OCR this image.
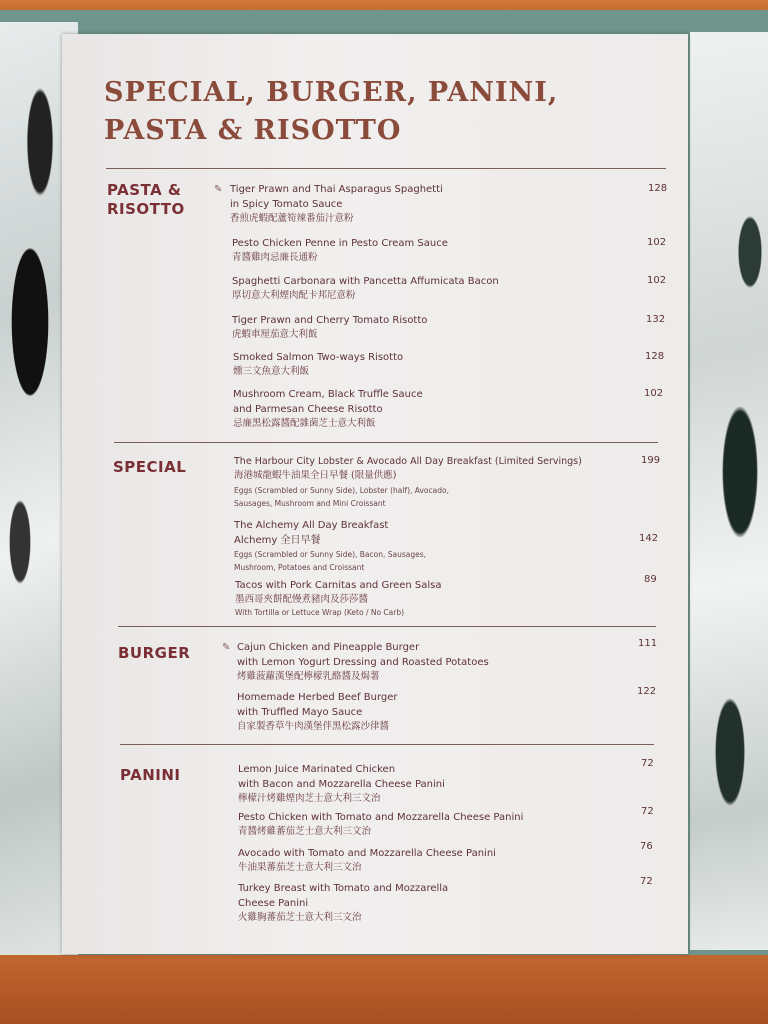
SPECIAL, BURGER, PANINI,
PASTA & RISOTTO
PASTA &
RISOTTO
✎ Tiger Prawn and Thai Asparagus Spaghetti
in Spicy Tomato Sauce
香煎虎蝦配蘆筍辣番茄汁意粉
128
Pesto Chicken Penne in Pesto Cream Sauce
青醬雞肉忌廉長通粉
102
Spaghetti Carbonara with Pancetta Affumicata Bacon
厚切意大利煙肉配卡邦尼意粉
102
Tiger Prawn and Cherry Tomato Risotto
虎蝦車厘茄意大利飯
132
Smoked Salmon Two-ways Risotto
燻三文魚意大利飯
128
Mushroom Cream, Black Truffle Sauce
and Parmesan Cheese Risotto
忌廉黑松露醬配雜菌芝士意大利飯
102
SPECIAL	The Harbour City Lobster & Avocado All Day Breakfast (Limited Servings)
海港城龍蝦牛油果全日早餐 (限量供應)
Eggs (Scrambled or Sunny Side), Lobster (half), Avocado,
Sausages, Mushroom and Mini Croissant
199
The Alchemy All Day Breakfast
Alchemy 全日早餐
Eggs (Scrambled or Sunny Side), Bacon, Sausages,
Mushroom, Potatoes and Croissant
142
Tacos with Pork Carnitas and Green Salsa
墨西哥夾餅配慢煮豬肉及莎莎醬
With Tortilla or Lettuce Wrap (Keto / No Carb)
89
BURGER	✎ Cajun Chicken and Pineapple Burger
with Lemon Yogurt Dressing and Roasted Potatoes
烤雞菠蘿漢堡配檸檬乳酪醬及焗薯
111
Homemade Herbed Beef Burger
with Truffled Mayo Sauce
自家製香草牛肉漢堡伴黑松露沙律醬
122
PANINI	Lemon Juice Marinated Chicken
with Bacon and Mozzarella Cheese Panini
檸檬汁烤雞煙肉芝士意大利三文治
72
Pesto Chicken with Tomato and Mozzarella Cheese Panini
青醬烤雞蕃茄芝士意大利三文治
72
Avocado with Tomato and Mozzarella Cheese Panini
牛油果蕃茄芝士意大利三文治
76
Turkey Breast with Tomato and Mozzarella
Cheese Panini
火雞胸蕃茄芝士意大利三文治
72
